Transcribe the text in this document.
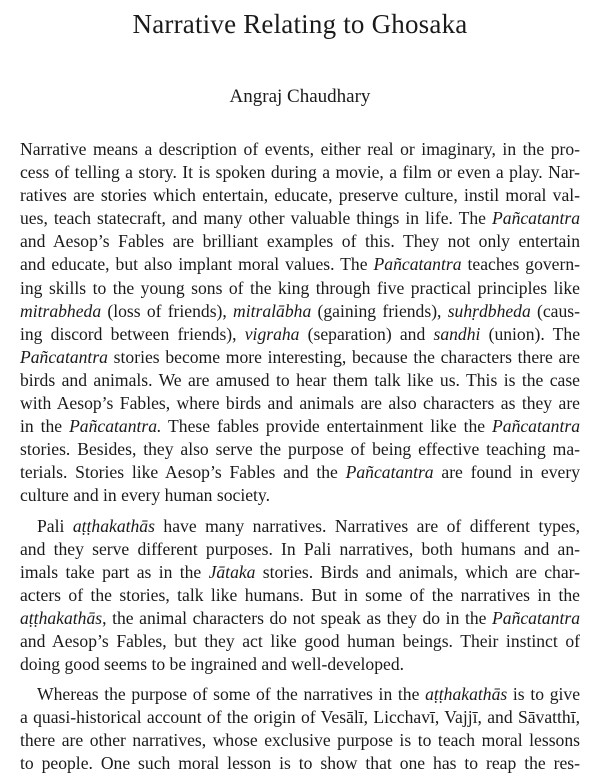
Narrative Relating to Ghosaka
Angraj Chaudhary

Narrative means a description of events, either real or imaginary, in the pro-
cess of telling a story. It is spoken during a movie, a film or even a play. Nar-
ratives are stories which entertain, educate, preserve culture, instil moral val-
ues, teach statecraft, and many other valuable things in life. The Pañcatantra
and Aesop’s Fables are brilliant examples of this. They not only entertain
and educate, but also implant moral values. The Pañcatantra teaches govern-
ing skills to the young sons of the king through five practical principles like
mitrabheda (loss of friends), mitralābha (gaining friends), suhṛdbheda (caus-
ing discord between friends), vigraha (separation) and sandhi (union). The
Pañcatantra stories become more interesting, because the characters there are
birds and animals. We are amused to hear them talk like us. This is the case
with Aesop’s Fables, where birds and animals are also characters as they are
in the Pañcatantra. These fables provide entertainment like the Pañcatantra
stories. Besides, they also serve the purpose of being effective teaching ma-
terials. Stories like Aesop’s Fables and the Pañcatantra are found in every
culture and in every human society.

Pali aṭṭhakathās have many narratives. Narratives are of different types,
and they serve different purposes. In Pali narratives, both humans and an-
imals take part as in the Jātaka stories. Birds and animals, which are char-
acters of the stories, talk like humans. But in some of the narratives in the
aṭṭhakathās, the animal characters do not speak as they do in the Pañcatantra
and Aesop’s Fables, but they act like good human beings. Their instinct of
doing good seems to be ingrained and well-developed.

Whereas the purpose of some of the narratives in the aṭṭhakathās is to give
a quasi-historical account of the origin of Vesālī, Licchavī, Vajjī, and Sāvatthī,
there are other narratives, whose exclusive purpose is to teach moral lessons
to people. One such moral lesson is to show that one has to reap the res-
